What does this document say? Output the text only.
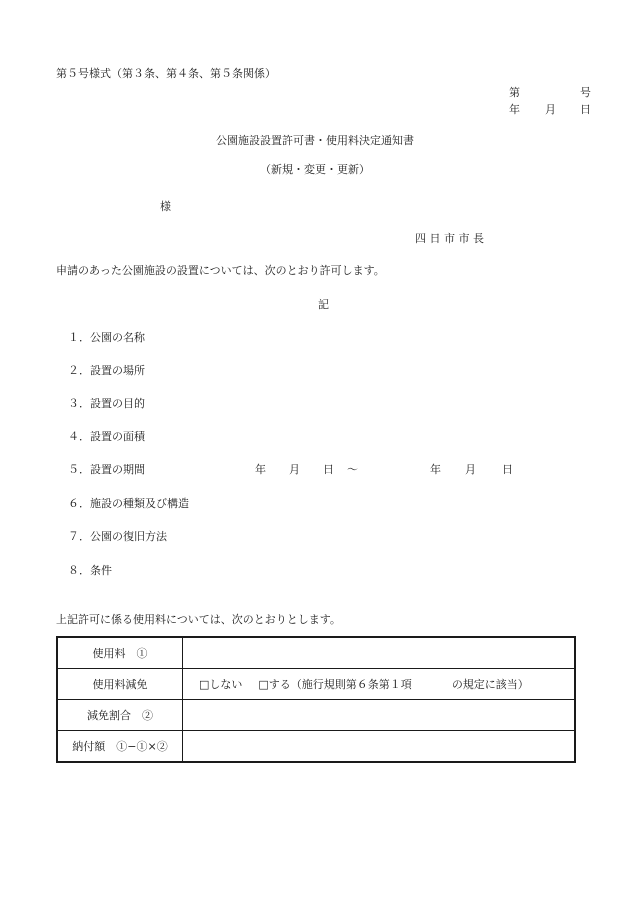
第５号様式（第３条、第４条、第５条関係）
第	号
年 月 日
公園施設設置許可書・使用料決定通知書
（新規・変更・更新）
様
四 日 市 市 長
申請のあった公園施設の設置については、次のとおり許可します。
記
１．公園の名称
２．設置の場所
３．設置の目的
４．設置の面積
５．設置の期間	年 月 日 ～	年 月 日
６．施設の種類及び構造
７．公園の復旧方法
８．条件
上記許可に係る使用料については、次のとおりとします。
使用料　①	
使用料減免	□しない □する（施行規則第６条第１項 の規定に該当）
減免割合　②	
納付額　①−①×②	
